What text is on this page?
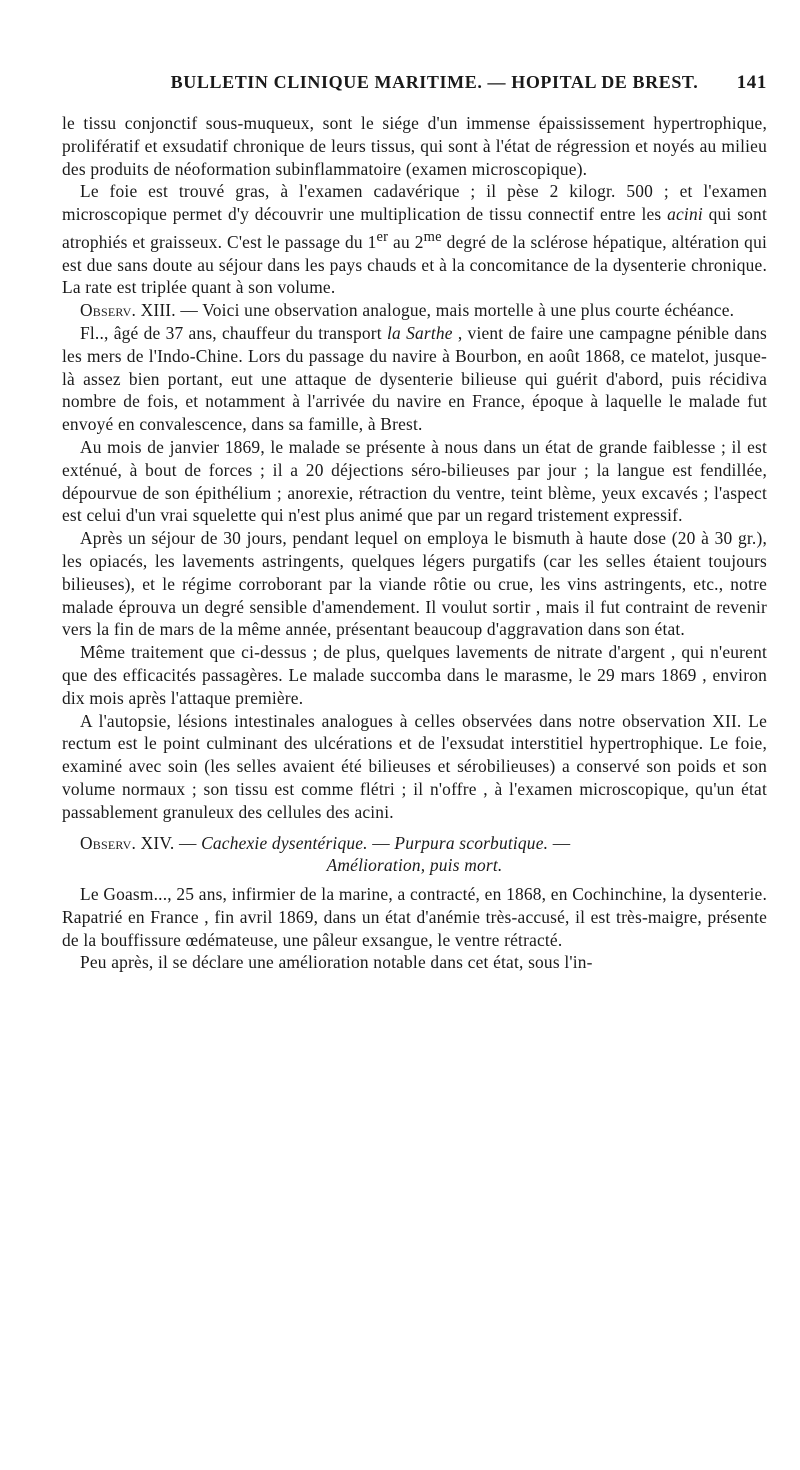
BULLETIN CLINIQUE MARITIME. — HOPITAL DE BREST. 141

le tissu conjonctif sous-muqueux, sont le siége d'un immense épaississement hypertrophique, prolifératif et exsudatif chronique de leurs tissus, qui sont à l'état de régression et noyés au milieu des produits de néoformation subinflammatoire (examen microscopique).

Le foie est trouvé gras, à l'examen cadavérique ; il pèse 2 kilogr. 500 ; et l'examen microscopique permet d'y découvrir une multiplication de tissu connectif entre les acini qui sont atrophiés et graisseux. C'est le passage du 1er au $2^{me}$ degré de la sclérose hépatique, altération qui est due sans doute au séjour dans les pays chauds et à la concomitance de la dysenterie chronique. La rate est triplée quant à son volume.

Observ. XIII. — Voici une observation analogue, mais mortelle à une plus courte échéance.

Fl.., âgé de 37 ans, chauffeur du transport la Sarthe , vient de faire une campagne pénible dans les mers de l'Indo-Chine. Lors du passage du navire à Bourbon, en août 1868, ce matelot, jusque-là assez bien portant, eut une attaque de dysenterie bilieuse qui guérit d'abord, puis récidiva nombre de fois, et notamment à l'arrivée du navire en France, époque à laquelle le malade fut envoyé en convalescence, dans sa famille, à Brest.

Au mois de janvier 1869, le malade se présente à nous dans un état de grande faiblesse ; il est exténué, à bout de forces ; il a 20 déjections séro-bilieuses par jour ; la langue est fendillée, dépourvue de son épithélium ; anorexie, rétraction du ventre, teint blème, yeux excavés ; l'aspect est celui d'un vrai squelette qui n'est plus animé que par un regard tristement expressif.

Après un séjour de 30 jours, pendant lequel on employa le bismuth à haute dose (20 à 30 gr.), les opiacés, les lavements astringents, quelques légers purgatifs (car les selles étaient toujours bilieuses), et le régime corroborant par la viande rôtie ou crue, les vins astringents, etc., notre malade éprouva un degré sensible d'amendement. Il voulut sortir , mais il fut contraint de revenir vers la fin de mars de la même année, présentant beaucoup d'aggravation dans son état.

Même traitement que ci-dessus ; de plus, quelques lavements de nitrate d'argent , qui n'eurent que des efficacités passagères. Le malade succomba dans le marasme, le 29 mars 1869 , environ dix mois après l'attaque première.

A l'autopsie, lésions intestinales analogues à celles observées dans notre observation XII. Le rectum est le point culminant des ulcérations et de l'exsudat interstitiel hypertrophique. Le foie, examiné avec soin (les selles avaient été bilieuses et sérobilieuses) a conservé son poids et son volume normaux ; son tissu est comme flétri ; il n'offre , à l'examen microscopique, qu'un état passablement granuleux des cellules des acini.

Observ. XIV. — Cachexie dysentérique. — Purpura scorbutique. —

Amélioration, puis mort.

Le Goasm..., 25 ans, infirmier de la marine, a contracté, en 1868, en Cochinchine, la dysenterie. Rapatrié en France , fin avril 1869, dans un état d'anémie très-accusé, il est très-maigre, présente de la bouffissure œdémateuse, une pâleur exsangue, le ventre rétracté.

Peu après, il se déclare une amélioration notable dans cet état, sous l'in-
